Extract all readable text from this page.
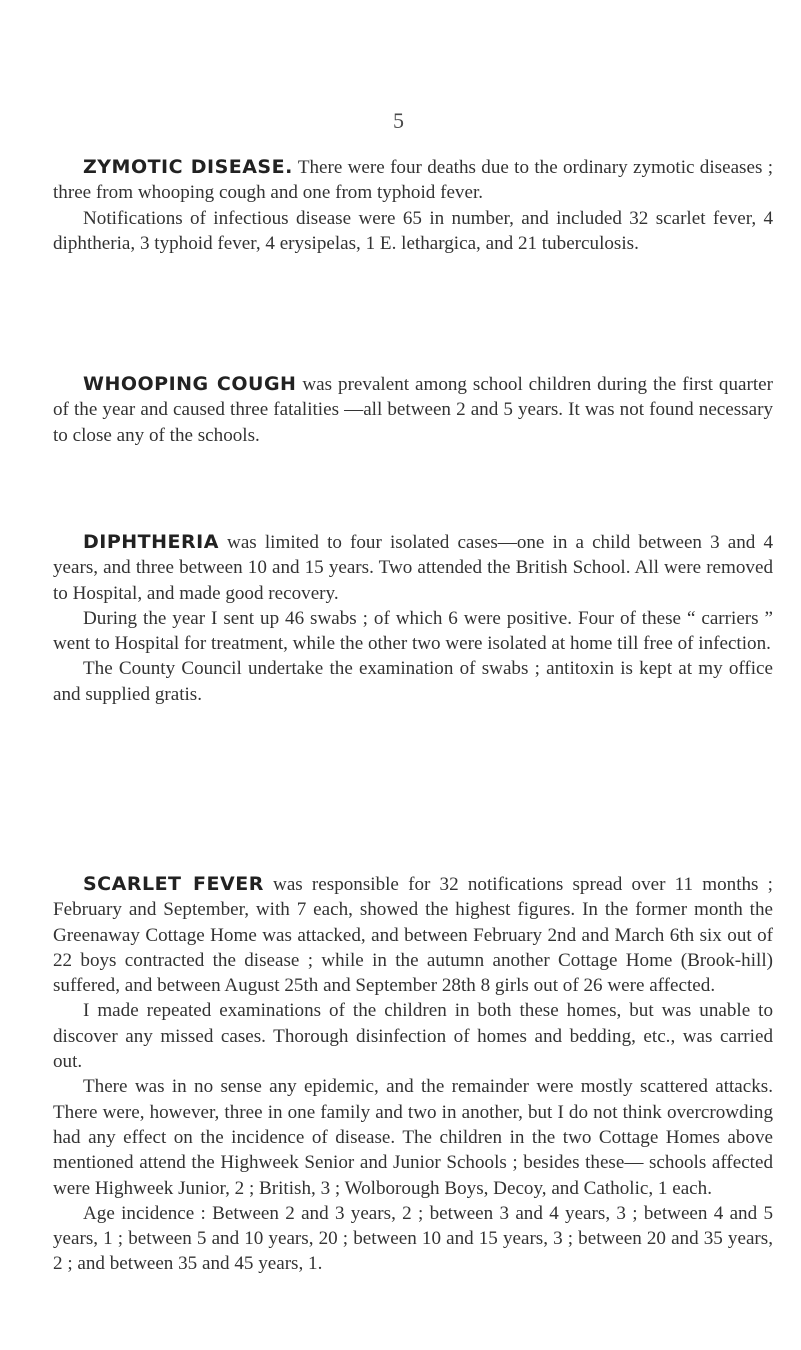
5

ZYMOTIC DISEASE. There were four deaths due to the ordinary zymotic diseases ; three from whooping cough and one from typhoid fever.

Notifications of infectious disease were 65 in number, and included 32 scarlet fever, 4 diphtheria, 3 typhoid fever, 4 erysipelas, 1 E. lethargica, and 21 tuberculosis.

WHOOPING COUGH was prevalent among school children during the first quarter of the year and caused three fatalities —all between 2 and 5 years. It was not found necessary to close any of the schools.

DIPHTHERIA was limited to four isolated cases—one in a child between 3 and 4 years, and three between 10 and 15 years. Two attended the British School. All were removed to Hospital, and made good recovery.

During the year I sent up 46 swabs ; of which 6 were positive. Four of these “ carriers ” went to Hospital for treatment, while the other two were isolated at home till free of infection.

The County Council undertake the examination of swabs ; antitoxin is kept at my office and supplied gratis.

SCARLET FEVER was responsible for 32 notifications spread over 11 months ; February and September, with 7 each, showed the highest figures. In the former month the Greenaway Cottage Home was attacked, and between February 2nd and March 6th six out of 22 boys contracted the disease ; while in the autumn another Cottage Home (Brook-hill) suffered, and between August 25th and September 28th 8 girls out of 26 were affected.

I made repeated examinations of the children in both these homes, but was unable to discover any missed cases. Thorough disinfection of homes and bedding, etc., was carried out.

There was in no sense any epidemic, and the remainder were mostly scattered attacks. There were, however, three in one family and two in another, but I do not think overcrowding had any effect on the incidence of disease. The children in the two Cottage Homes above mentioned attend the Highweek Senior and Junior Schools ; besides these— schools affected were Highweek Junior, 2 ; British, 3 ; Wolborough Boys, Decoy, and Catholic, 1 each.

Age incidence : Between 2 and 3 years, 2 ; between 3 and 4 years, 3 ; between 4 and 5 years, 1 ; between 5 and 10 years, 20 ; between 10 and 15 years, 3 ; between 20 and 35 years, 2 ; and between 35 and 45 years, 1.
